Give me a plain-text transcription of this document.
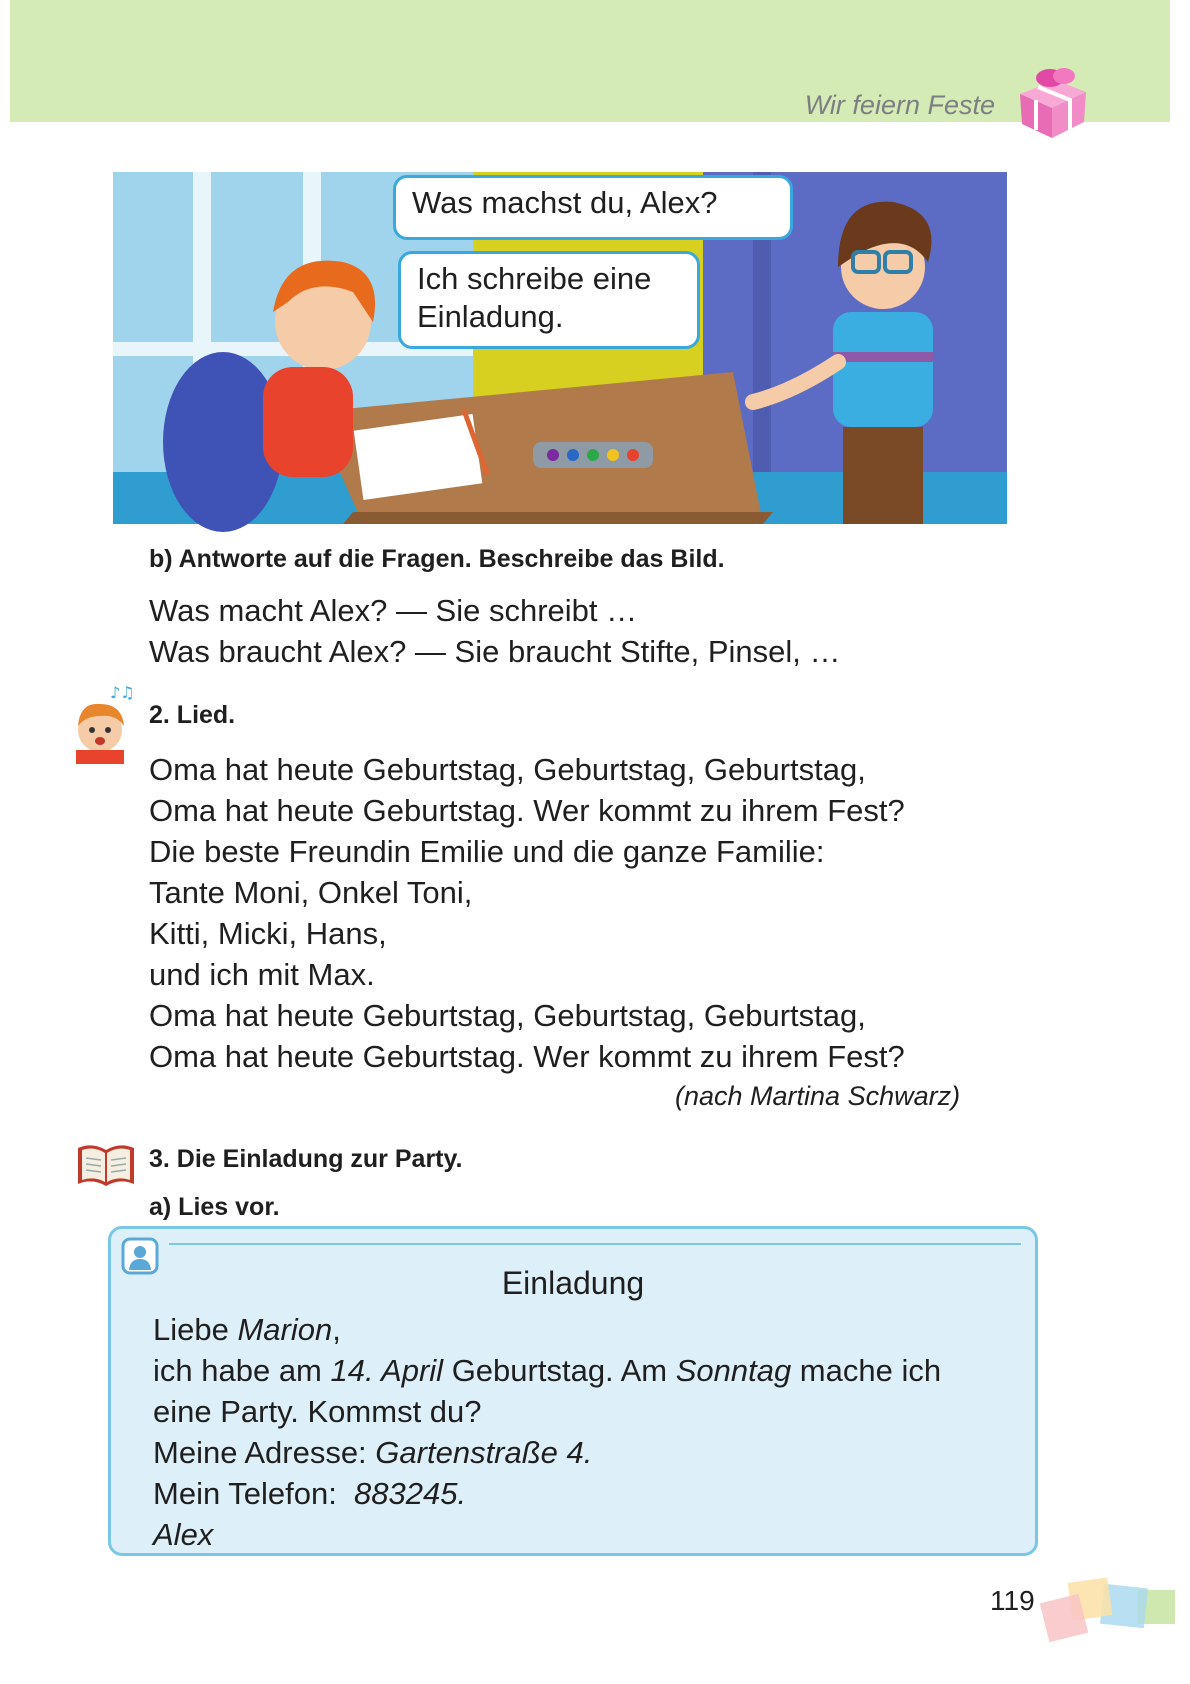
Wir feiern Feste
Was machst du, Alex?
Ich schreibe eine
Einladung.
b) Antworte auf die Fragen. Beschreibe das Bild.
Was macht Alex? — Sie schreibt …
Was braucht Alex? — Sie braucht Stifte, Pinsel, …
♪♫
2. Lied.
Oma hat heute Geburtstag, Geburtstag, Geburtstag,
Oma hat heute Geburtstag. Wer kommt zu ihrem Fest?
Die beste Freundin Emilie und die ganze Familie:
Tante Moni, Onkel Toni,
Kitti, Micki, Hans,
und ich mit Max.
Oma hat heute Geburtstag, Geburtstag, Geburtstag,
Oma hat heute Geburtstag. Wer kommt zu ihrem Fest?
(nach Martina Schwarz)
3. Die Einladung zur Party.
a) Lies vor.
Einladung
Liebe Marion,
ich habe am 14. April Geburtstag. Am Sonntag mache ich
eine Party. Kommst du?
Meine Adresse: Gartenstraße 4.
Mein Telefon:  883245.
Alex
119
